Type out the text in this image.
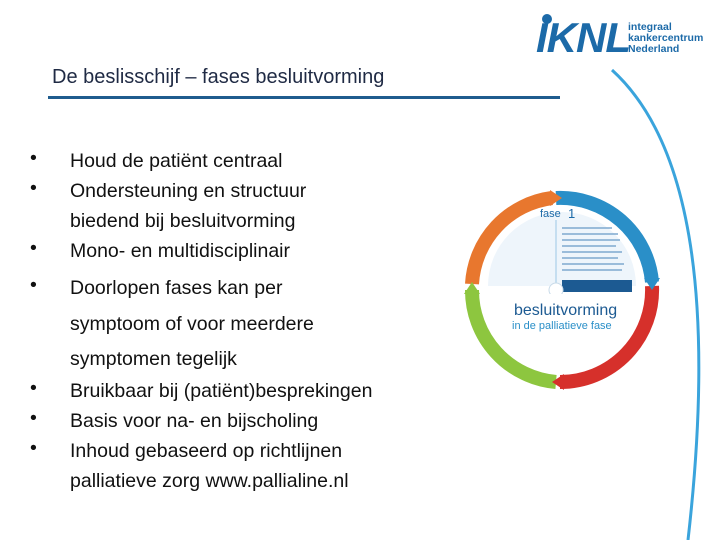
IKNL
integraal
kankercentrum
Nederland
De beslisschijf – fases besluitvorming
• Houd de patiënt centraal
• Ondersteuning en structuur
biedend bij besluitvorming
• Mono- en multidisciplinair
• Doorlopen fases kan per
symptoom of voor meerdere
symptomen tegelijk
• Bruikbaar bij (patiënt)besprekingen
• Basis voor na- en bijscholing
• Inhoud gebaseerd op richtlijnen
palliatieve zorg www.pallialine.nl
fase 1
besluitvorming
in de palliatieve fase
